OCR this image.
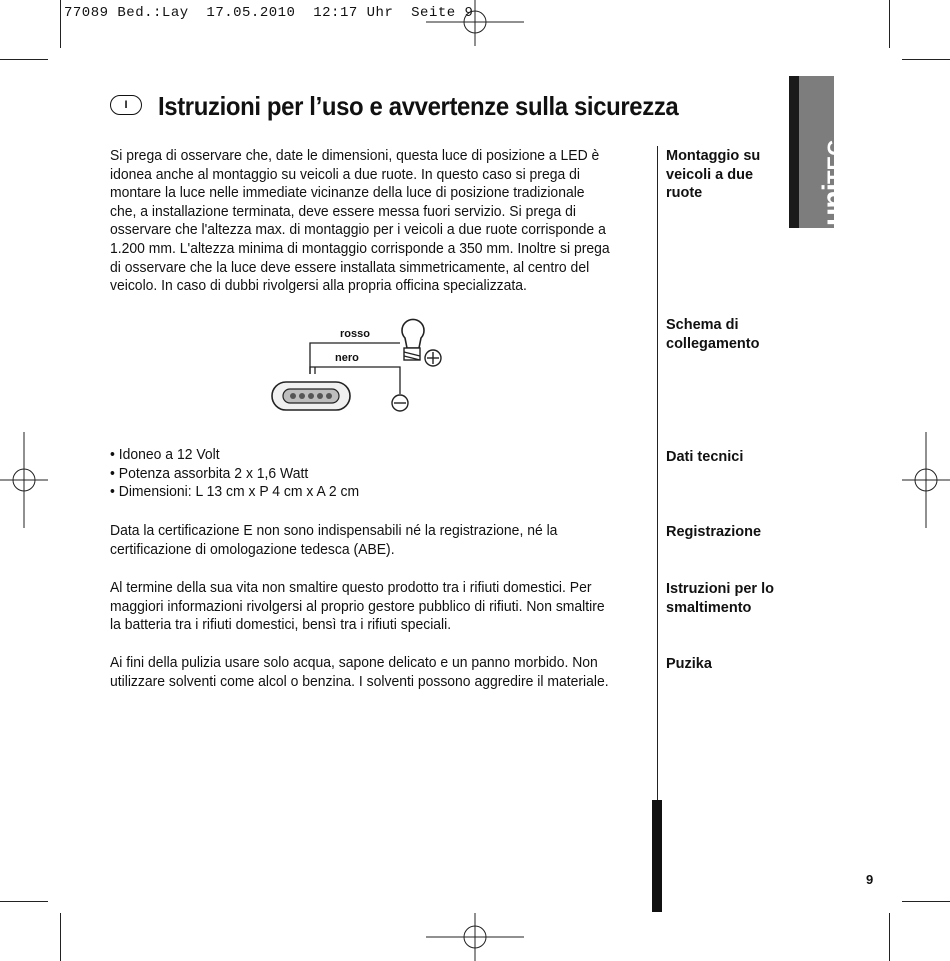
77089 Bed.:Lay  17.05.2010  12:17 Uhr  Seite 9
I	Istruzioni per l’uso e avvertenze sulla sicurezza
uniTEC

Si prega di osservare che, date le dimensioni, questa luce di posizione a LED è idonea anche al montaggio su veicoli a due ruote. In questo caso si prega di montare la luce nelle immediate vicinanze della luce di posizione tradizionale che, a installazione terminata, deve essere messa fuori servizio. Si prega di osservare che l'altezza max. di montaggio per i veicoli a due ruote corrisponde a 1.200 mm. L'altezza minima di montaggio corrisponde a 350 mm. Inoltre si prega di osservare che la luce deve essere installata simmetricamente, al centro del veicolo. In caso di dubbi rivolgersi alla propria officina specializzata.

Montaggio su veicoli a due ruote

Schema di collegamento

rosso
nero

Dati tecnici

• Idoneo a 12 Volt
• Potenza assorbita 2 x 1,6 Watt
• Dimensioni: L 13 cm x P 4 cm x A 2 cm

Registrazione

Data la certificazione E non sono indispensabili né la registrazione, né la certificazione di omologazione tedesca (ABE).

Istruzioni per lo smaltimento

Al termine della sua vita non smaltire questo prodotto tra i rifiuti domestici. Per maggiori informazioni rivolgersi al proprio gestore pubblico di rifiuti. Non smaltire la batteria tra i rifiuti domestici, bensì tra i rifiuti speciali.

Puzika

Ai fini della pulizia usare solo acqua, sapone delicato e un panno morbido. Non utilizzare solventi come alcol o benzina. I solventi possono aggredire il materiale.

9
